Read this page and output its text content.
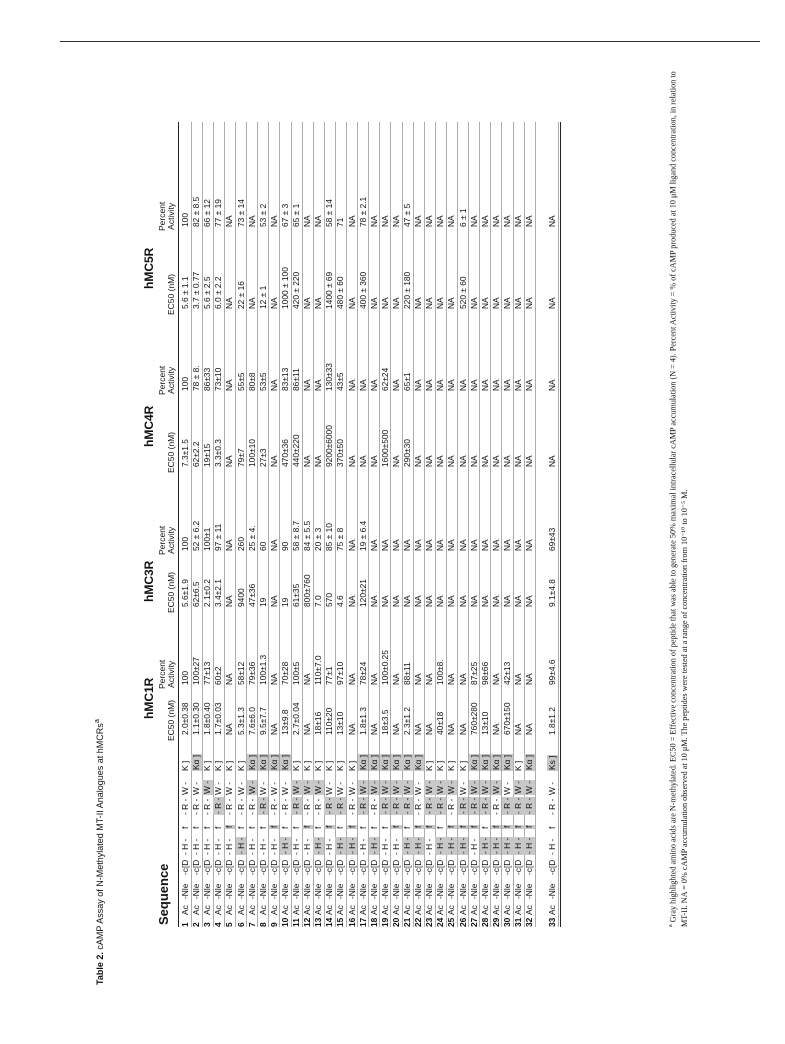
Table 2. cAMP Assay of N-Methylated MT-II Analogues at hMCRs$^a$
Sequence
hMC1R
hMC3R
hMC4R
hMC5R
EC50 (nM)
Percent Activity
EC50 (nM)
Percent Activity
EC50 (nM)
Percent Activity
EC50 (nM)
Percent Activity
1
Ac
-Nle
-c[D
- H -
f
- R -
W -
K ]
2.0±0.38
100
5.6±1.9
100
7.3±1.5
100
5.6 ± 1.1
100
2
Ac
-Nle
-c[D
- H -
f
- R -
W -
Kα ]
1.1±0.30
100±27
62±6.5
52 ± 6.2
62±2.2
78 ± 8.
3.7 ± 0.77
82 ± 8.5
3
Ac
-Nle
-c[D
- H -
f
- R -
W -
K ]
1.8±0.40
77±13
2.1±0.2
100±1
19±15
86±33
5.6 ± 2.5
66 ± 12
4
Ac
-Nle
-c[D
- H -
f
- R -
W -
K ]
1.7±0.03
60±2
3.4±2.1
97 ± 11
3.3±0.3
73±10
6.0 ± 2.2
77 ± 19
5
Ac
-Nle
-c[D
- H -
f
- R -
W -
K ]
NA
NA
NA
NA
NA
NA
NA
NA
6
Ac
-Nle
-c[D
- H -
f
- R -
W -
K ]
5.3±1.3
58±12
9400
260
79±7
55±5
22 ± 16
73 ± 14
7
Ac
-Nle
-c[D
- H -
f
- R -
W -
Kα ]
7.6±6.0
79±36
47±36
25 ± 4.
100±10
80±8
NA
NA
8
Ac
-Nle
-c[D
- H -
f
- R -
W -
Kα ]
9.5±7.7
100±1.3
19
60
27±3
53±5
12 ± 1
53 ± 2
9
Ac
-Nle
-c[D
- H -
f
- R -
W -
Kα ]
NA
NA
NA
NA
NA
NA
NA
NA
10
Ac
-Nle
-c[D
- H -
f
- R -
W -
Kα ]
13±9.8
70±28
19
90
470±36
83±13
1000 ± 100
67 ± 3
11
Ac
-Nle
-c[D
- H -
f
- R -
W -
K ]
2.7±0.04
100±5
61±35
58 ± 8.7
440±220
86±11
420 ± 220
65 ± 1
12
Ac
-Nle
-c[D
- H -
f
- R -
W -
K ]
NA
NA
800±760
84 ± 5.5
NA
NA
NA
NA
13
Ac
-Nle
-c[D
- H -
f
- R -
W -
K ]
18±16
110±7.0
7.0
20 ± 3
NA
NA
NA
NA
14
Ac
-Nle
-c[D
- H -
f
- R -
W -
K ]
110±20
77±1
570
85 ± 10
9200±6000
130±33
1400 ± 69
58 ± 14
15
Ac
-Nle
-c[D
- H -
f
- R -
W -
K ]
13±10
97±10
4.6
75 ± 8
370±50
43±5
480 ± 60
71
16
Ac
-Nle
-c[D
- H -
f
- R -
W -
K ]
NA
NA
NA
NA
NA
NA
NA
NA
17
Ac
-Nle
-c[D
- H -
f
- R -
W -
Kα ]
1.8±1.3
78±24
120±21
19 ± 6.4
NA
NA
400 ± 360
78 ± 2.1
18
Ac
-Nle
-c[D
- H -
f
- R -
W -
Kα ]
NA
NA
NA
NA
NA
NA
NA
NA
19
Ac
-Nle
-c[D
- H -
f
- R -
W -
Kα ]
18±3.5
100±0.25
NA
NA
1600±500
62±24
NA
NA
20
Ac
-Nle
-c[D
- H -
f
- R -
W -
Kα ]
NA
NA
NA
NA
NA
NA
NA
NA
21
Ac
-Nle
-c[D
- H -
f
- R -
W -
Kα ]
2.3±1.2
88±11
NA
NA
290±30
65±1
220 ± 180
47 ± 5
22
Ac
-Nle
-c[D
- H -
f
- R -
W -
Kα ]
NA
NA
NA
NA
NA
NA
NA
NA
23
Ac
-Nle
-c[D
- H -
f
- R -
W -
K ]
NA
NA
NA
NA
NA
NA
NA
NA
24
Ac
-Nle
-c[D
- H -
f
- R -
W -
K ]
40±18
100±8.
NA
NA
NA
NA
NA
NA
25
Ac
-Nle
-c[D
- H -
f
- R -
W -
K ]
NA
NA
NA
NA
NA
NA
NA
NA
26
Ac
-Nle
-c[D
- H -
f
- R -
W -
K ]
NA
NA
NA
NA
NA
NA
520 ± 60
6 ± 1
27
Ac
-Nle
-c[D
- H -
f
- R -
W -
Kα ]
760±280
87±25
NA
NA
NA
NA
NA
NA
28
Ac
-Nle
-c[D
- H -
f
- R -
W -
Kα ]
13±10
98±66
NA
NA
NA
NA
NA
NA
29
Ac
-Nle
-c[D
- H -
f
- R -
W -
Kα ]
NA
NA
NA
NA
NA
NA
NA
NA
30
Ac
-Nle
-c[D
- H -
f
- R -
W -
Kα ]
670±150
42±13
NA
NA
NA
NA
NA
NA
31
Ac
-Nle
-c[D
- H -
f
- R -
W -
K ]
NA
NA
NA
NA
NA
NA
NA
NA
32
Ac
-Nle
-c[D
- H -
f
- R -
W -
Kα ]
NA
NA
NA
NA
NA
NA
NA
NA
33
Ac
-Nle
-c[D
- H -
f
- R -
W -
Ks ]
1.8±1.2
99±4.6
9.1±4.8
69±43
NA
NA
NA
NA
$^a$ Gray highlighted amino acids are N-methylated. EC50 = Effective concentration of peptide that was able to generate 50% maximal intracellular cAMP accumulation (N = 4). Percent Activity = % of cAMP produced at 10 μM ligand concentration, in relation to MT-II. NA = 0% cAMP accumulation observed at 10 μM. The peptides were tested at a range of concentration from 10⁻¹⁰ to 10⁻⁵ M.
